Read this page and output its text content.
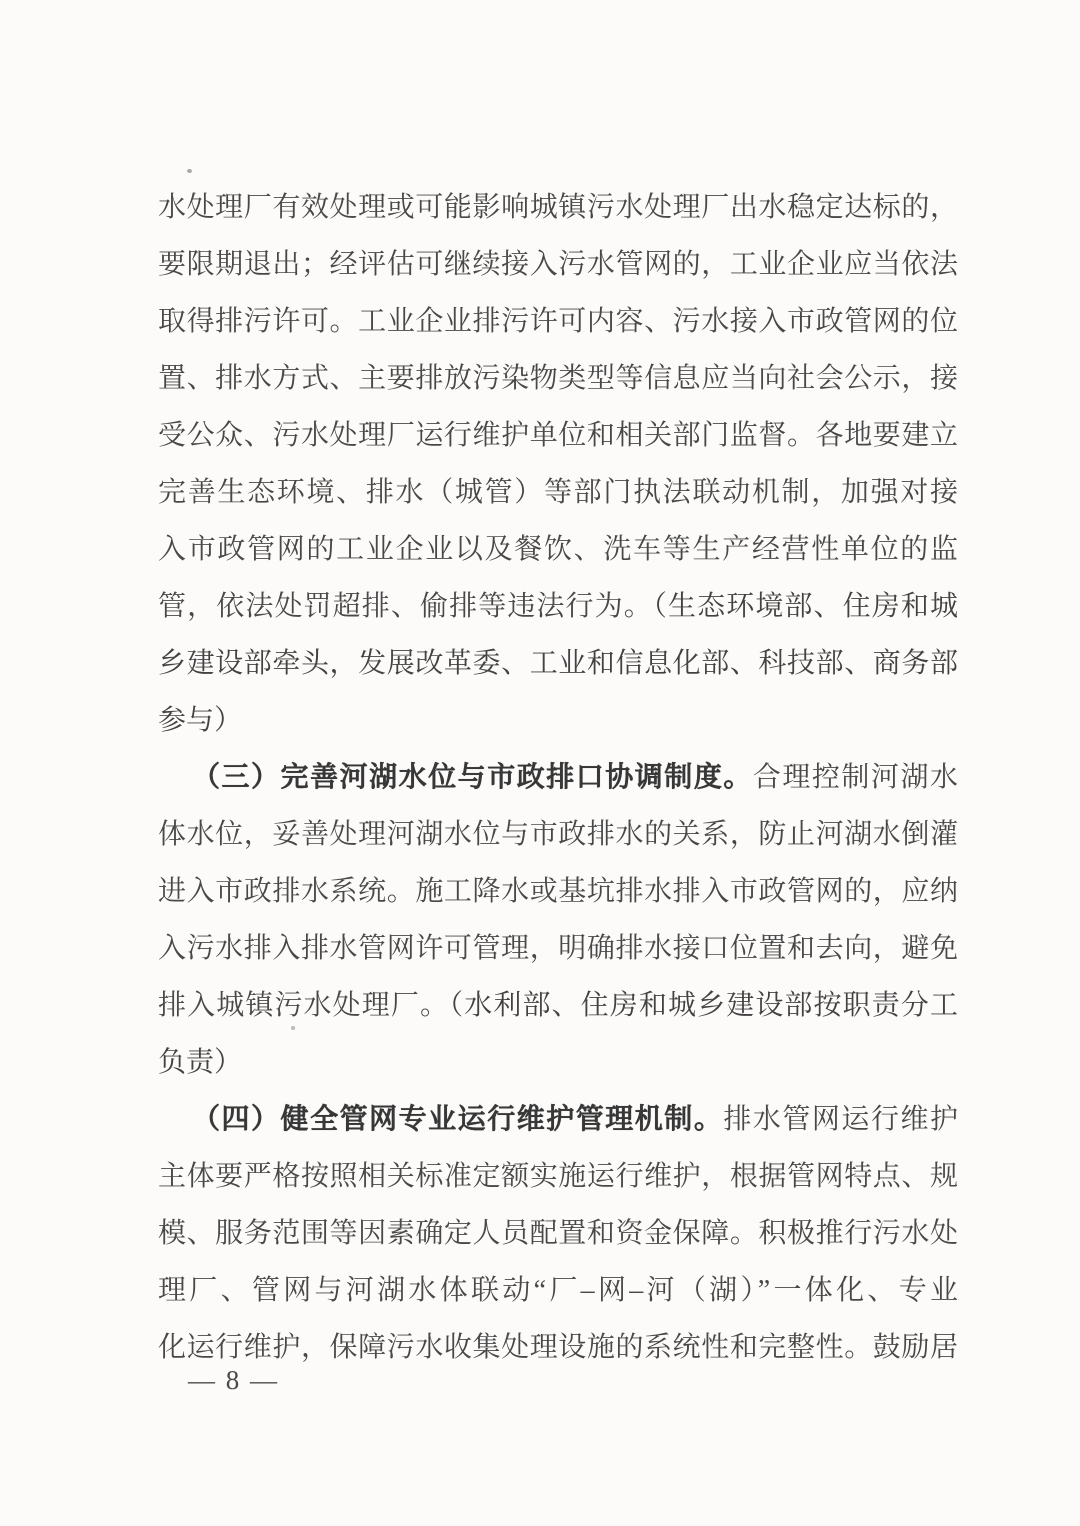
水处理厂有效处理或可能影响城镇污水处理厂出水稳定达标的，
要限期退出；经评估可继续接入污水管网的，工业企业应当依法
取得排污许可。工业企业排污许可内容、污水接入市政管网的位
置、排水方式、主要排放污染物类型等信息应当向社会公示，接
受公众、污水处理厂运行维护单位和相关部门监督。各地要建立
完善生态环境、排水（城管）等部门执法联动机制，加强对接
入市政管网的工业企业以及餐饮、洗车等生产经营性单位的监
管，依法处罚超排、偷排等违法行为。（生态环境部、住房和城
乡建设部牵头，发展改革委、工业和信息化部、科技部、商务部
参与）
（三）完善河湖水位与市政排口协调制度。合理控制河湖水
体水位，妥善处理河湖水位与市政排水的关系，防止河湖水倒灌
进入市政排水系统。施工降水或基坑排水排入市政管网的，应纳
入污水排入排水管网许可管理，明确排水接口位置和去向，避免
排入城镇污水处理厂。（水利部、住房和城乡建设部按职责分工
负责）
（四）健全管网专业运行维护管理机制。排水管网运行维护
主体要严格按照相关标准定额实施运行维护，根据管网特点、规
模、服务范围等因素确定人员配置和资金保障。积极推行污水处
理厂、管网与河湖水体联动“厂–网–河（湖）”一体化、专业
化运行维护，保障污水收集处理设施的系统性和完整性。鼓励居
— 8 —
